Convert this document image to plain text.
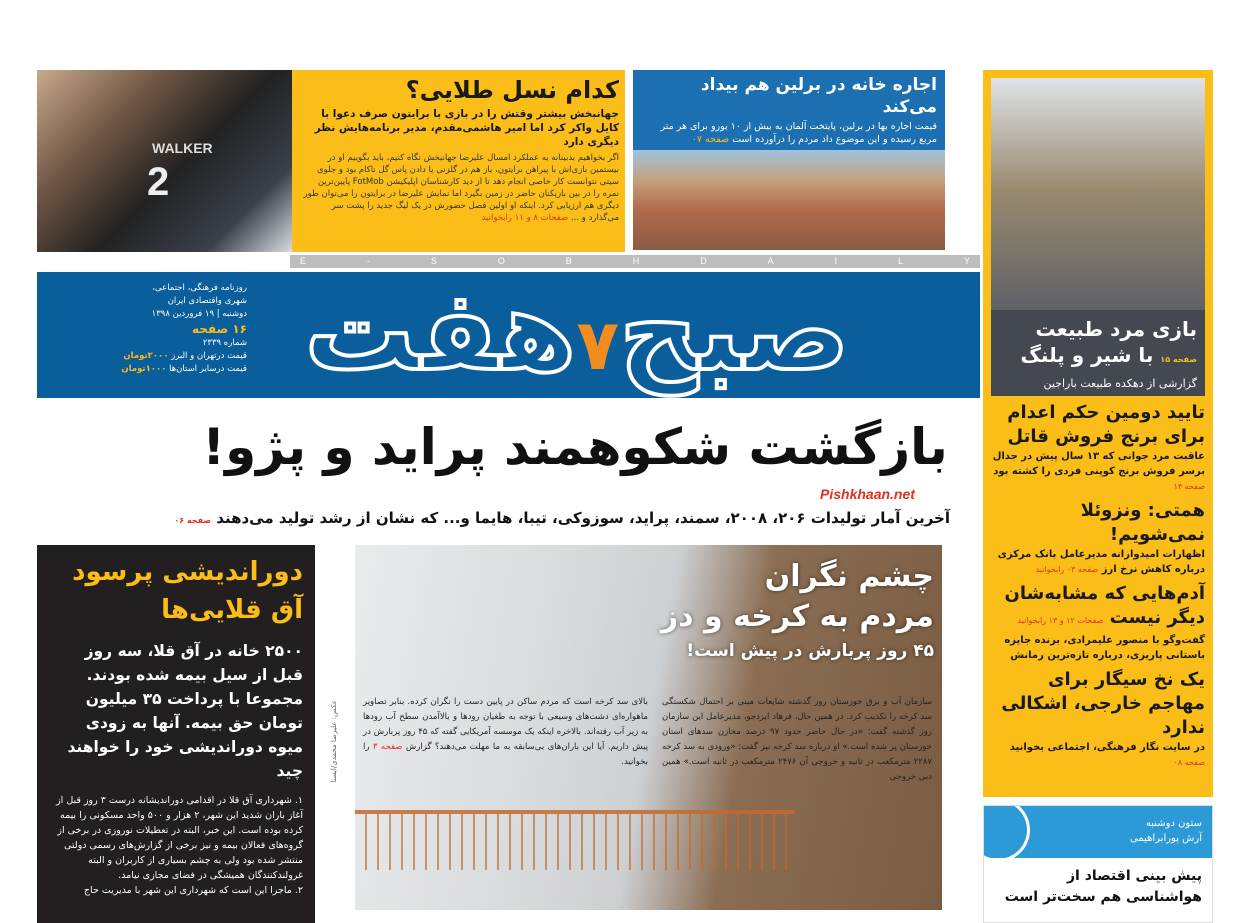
WALKER
2
کدام نسل طلایی؟
جهانبخش بیشتر وقتش را در بازی با برایتون صرف دعوا با کایل واکر کرد اما امیر هاشمی‌مقدم، مدیر برنامه‌هایش نظر دیگری دارد

اگر بخواهیم بدبینانه به عملکرد امسال علیرضا جهانبخش نگاه کنیم، باید بگوییم او در بیستمین بازی‌اش با پیراهن برایتون، باز هم در گلزنی یا دادن پاس گل ناکام بود و جلوی سیتی نتوانست کار خاصی انجام دهد تا از دید کارشناسان اپلیکیشن FotMob پایین‌ترین نمره را در بین بازیکنان حاضر در زمین بگیرد اما نمایش علیرضا در برایتون را می‌توان طور دیگری هم ارزیابی کرد. اینکه او اولین فصل حضورش در یک لیگ جدید را پشت سر می‌گذارد و ... صفحات ۸ و ۱۱ رابخوانید

اجاره خانه در برلین هم بیداد می‌کند

قیمت اجاره بها در برلین، پایتخت آلمان به بیش از ۱۰ یورو برای هر متر مربع رسیده و این موضوع داد مردم را درآورده است صفحه ۰۷

E	-	S	O	B	H	D	A	I	L	Y
روزنامه فرهنگی، اجتماعی،
شهری واقتصادی ایران
دوشنبه | ۱۹ فروردین ۱۳۹۸
۱۶ صفحه
شماره ۲۳۳۹
قیمت درتهران و البرز ۲۰۰۰تومان
قیمت درسایر استان‌ها ۱۰۰۰تومان	صبح۷هفت
بازگشت شکوهمند پراید و پژو!
Pishkhaan.net
آخرین آمار تولیدات ۲۰۶، ۲۰۰۸، سمند، پراید، سوزوکی، تیبا، هایما و... که نشان از رشد تولید می‌دهند صفحه ۰۶
بازی مرد طبیعت
صفحه ۱۵ با شیر و پلنگ

گزارشی از دهکده طبیعت باراجین

تایید دومین حکم اعدام برای برنج فروش قاتل

عاقبت مرد جوانی که ۱۳ سال پیش در جدال برسر فروش برنج کوپنی فردی را کشته بود صفحه ۱۴

همتی: ونزوئلا نمی‌شویم!

اظهارات امیدوارانه مدیرعامل بانک مرکزی درباره کاهش نرخ ارز صفحه ۰۳ رابخوانید

آدم‌هایی که مشابه‌شان دیگر نیست صفحات ۱۲ و ۱۳ رابخوانید

گفت‌وگو با منصور علیمرادی، برنده جایزه باستانی پاریزی، درباره تازه‌ترین رمانش

یک نخ سیگار برای مهاجم خارجی، اشکالی ندارد

در سایت نگار فرهنگی، اجتماعی بخوانید صفحه ۰۸

ستون دوشنبه
آرش پورابراهیمی
پیش بینی اقتصاد از هواشناسی هم سخت‌تر است
دوراندیشی پرسود آق قلایی‌ها
۲۵۰۰ خانه در آق قلا، سه روز قبل از سیل بیمه شده بودند. مجموعا با پرداخت ۳۵ میلیون تومان حق بیمه. آنها به زودی میوه دوراندیشی خود را خواهند چید
۱. شهرداری آق قلا در اقدامی دوراندیشانه درست ۳ روز قبل از آغاز باران شدید این شهر، ۲ هزار و ۵۰۰ واحد مسکونی را بیمه کرده بوده است. این خبر، البته در تعطیلات نوروزی در برخی از گروه‌های فعالان بیمه و نیز برخی از گزارش‌های رسمی دولتی منتشر شده بود ولی به چشم بسیاری از کاربران و البته غرولندکنندگان همیشگی در فضای مجازی نیامد.
۲. ماجرا این است که شهرداری این شهر با مدیریت حاج
عکس: علیرضا محمدی/ایسنا
چشم نگران
مردم به کرخه و دز
۴۵ روز پربارش در پیش است!
سازمان آب و برق خوزستان روز گذشته شایعات مبنی بر احتمال شکستگی سد کرخه را تکذیب کرد. در همین حال، فرهاد ایزدجو، مدیرعامل این سازمان روز گذشته گفت: «در حال حاضر حدود ۹۷ درصد مخازن سدهای استان خوزستان پر شده است.» او درباره سد کرخه نیز گفت: «ورودی به سد کرخه ۲۲۸۷ مترمکعب در ثانیه و خروجی آن ۲۴۷۶ مترمکعب در ثانیه است.» همین دبی خروجی
بالای سد کرخه است که مردم ساکن در پایین دست را نگران کرده. بنابر تصاویر ماهواره‌ای دشت‌های وسیعی با توجه به طغیان رودها و بالاآمدن سطح آب رودها به زیر آب رفته‌اند. بالاخره اینکه یک موسسه آمریکایی گفته که ۴۵ روز پربارش در پیش داریم. آیا این باران‌های بی‌سابقه به ما مهلت می‌دهند؟ گزارش صفحه ۳ را بخوانید.
